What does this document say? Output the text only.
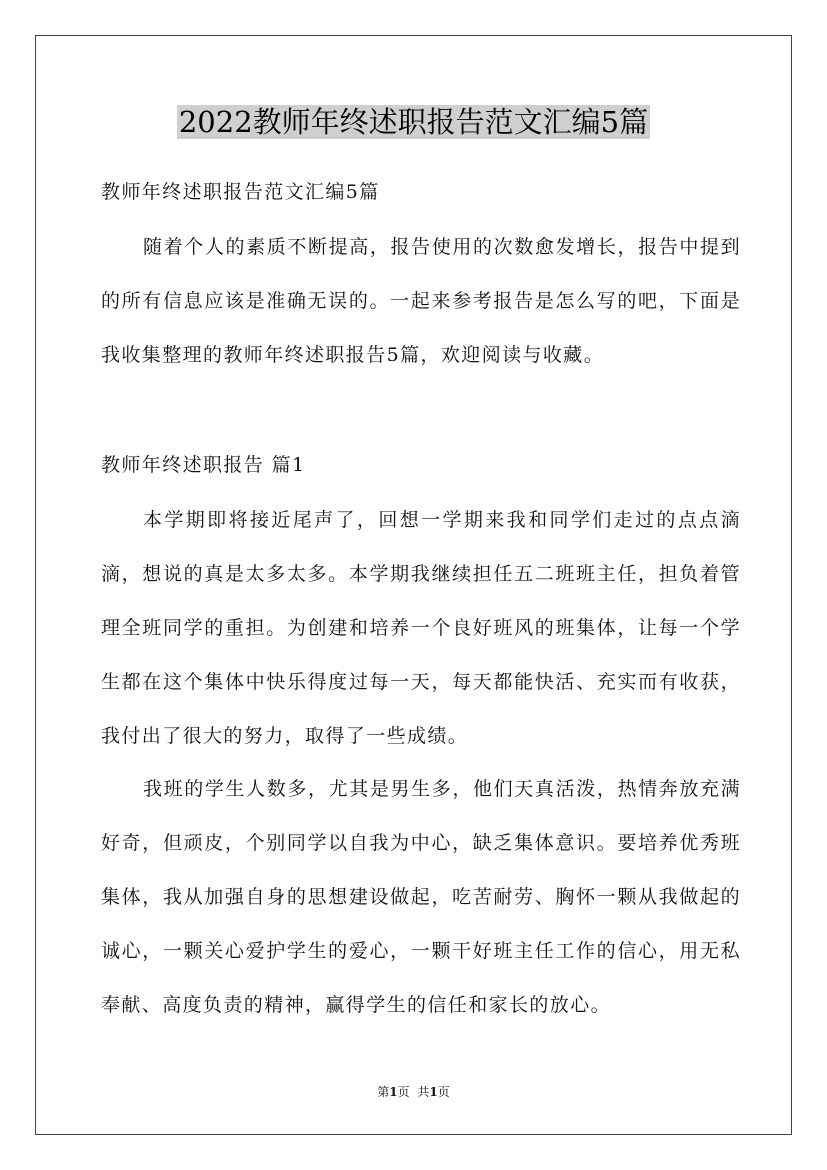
2022教师年终述职报告范文汇编5篇
教师年终述职报告范文汇编5篇
随着个人的素质不断提高，报告使用的次数愈发增长，报告中提到的所有信息应该是准确无误的。一起来参考报告是怎么写的吧，下面是我收集整理的教师年终述职报告5篇，欢迎阅读与收藏。
教师年终述职报告 篇1
本学期即将接近尾声了，回想一学期来我和同学们走过的点点滴滴，想说的真是太多太多。本学期我继续担任五二班班主任，担负着管理全班同学的重担。为创建和培养一个良好班风的班集体，让每一个学生都在这个集体中快乐得度过每一天，每天都能快活、充实而有收获，我付出了很大的努力，取得了一些成绩。
我班的学生人数多，尤其是男生多，他们天真活泼，热情奔放充满好奇，但顽皮，个别同学以自我为中心，缺乏集体意识。要培养优秀班集体，我从加强自身的思想建设做起，吃苦耐劳、胸怀一颗从我做起的诚心，一颗关心爱护学生的爱心，一颗干好班主任工作的信心，用无私奉献、高度负责的精神，赢得学生的信任和家长的放心。
第1页 共1页
